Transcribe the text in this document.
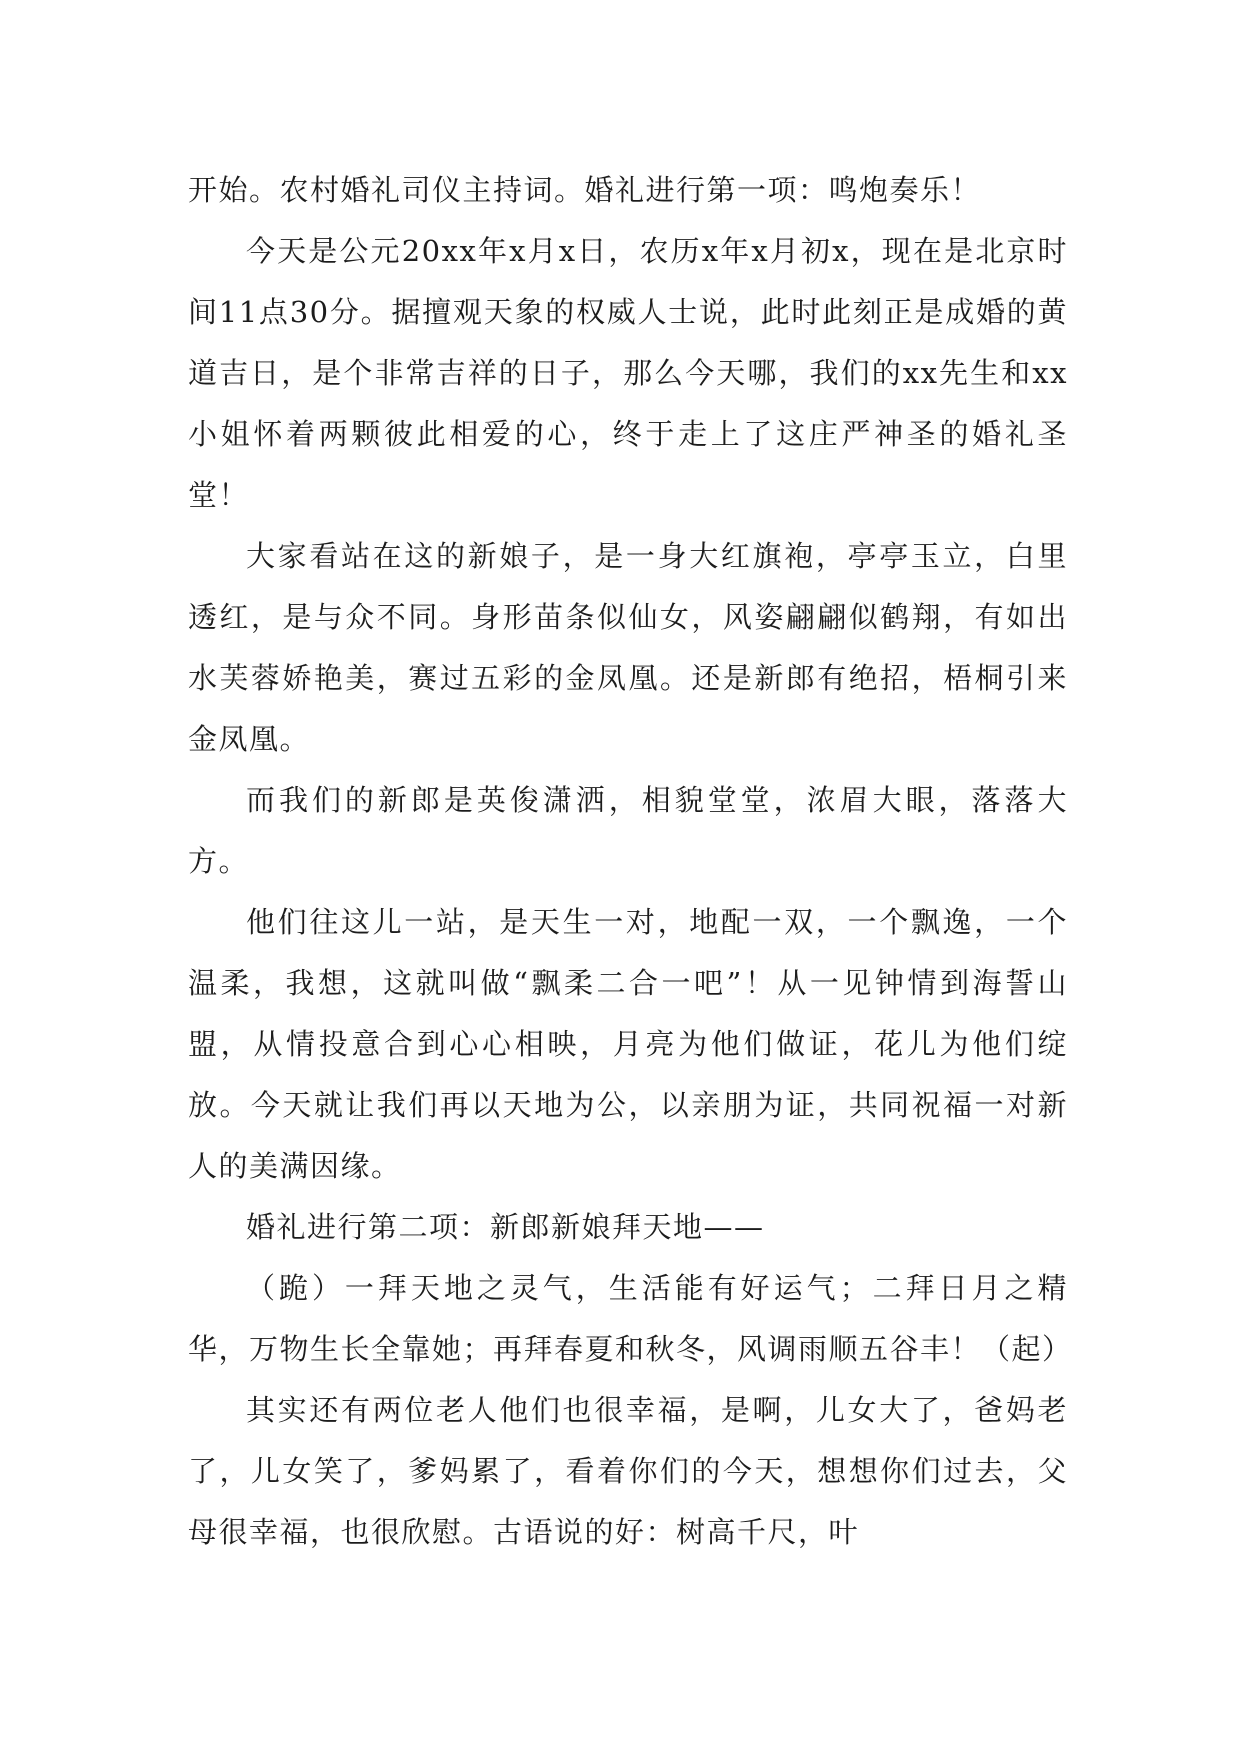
开始。农村婚礼司仪主持词。婚礼进行第一项：鸣炮奏乐！

今天是公元20xx年x月x日，农历x年x月初x，现在是北京时间11点30分。据擅观天象的权威人士说，此时此刻正是成婚的黄道吉日，是个非常吉祥的日子，那么今天哪，我们的xx先生和xx小姐怀着两颗彼此相爱的心，终于走上了这庄严神圣的婚礼圣堂！

大家看站在这的新娘子，是一身大红旗袍，亭亭玉立，白里透红，是与众不同。身形苗条似仙女，风姿翩翩似鹤翔，有如出水芙蓉娇艳美，赛过五彩的金凤凰。还是新郎有绝招，梧桐引来金凤凰。

而我们的新郎是英俊潇洒，相貌堂堂，浓眉大眼，落落大方。

他们往这儿一站，是天生一对，地配一双，一个飘逸，一个温柔，我想，这就叫做“飘柔二合一吧”！从一见钟情到海誓山盟，从情投意合到心心相映，月亮为他们做证，花儿为他们绽放。今天就让我们再以天地为公，以亲朋为证，共同祝福一对新人的美满因缘。

婚礼进行第二项：新郎新娘拜天地——

（跪）一拜天地之灵气，生活能有好运气；二拜日月之精华，万物生长全靠她；再拜春夏和秋冬，风调雨顺五谷丰！（起）

其实还有两位老人他们也很幸福，是啊，儿女大了，爸妈老了，儿女笑了，爹妈累了，看着你们的今天，想想你们过去，父母很幸福，也很欣慰。古语说的好：树高千尺，叶
